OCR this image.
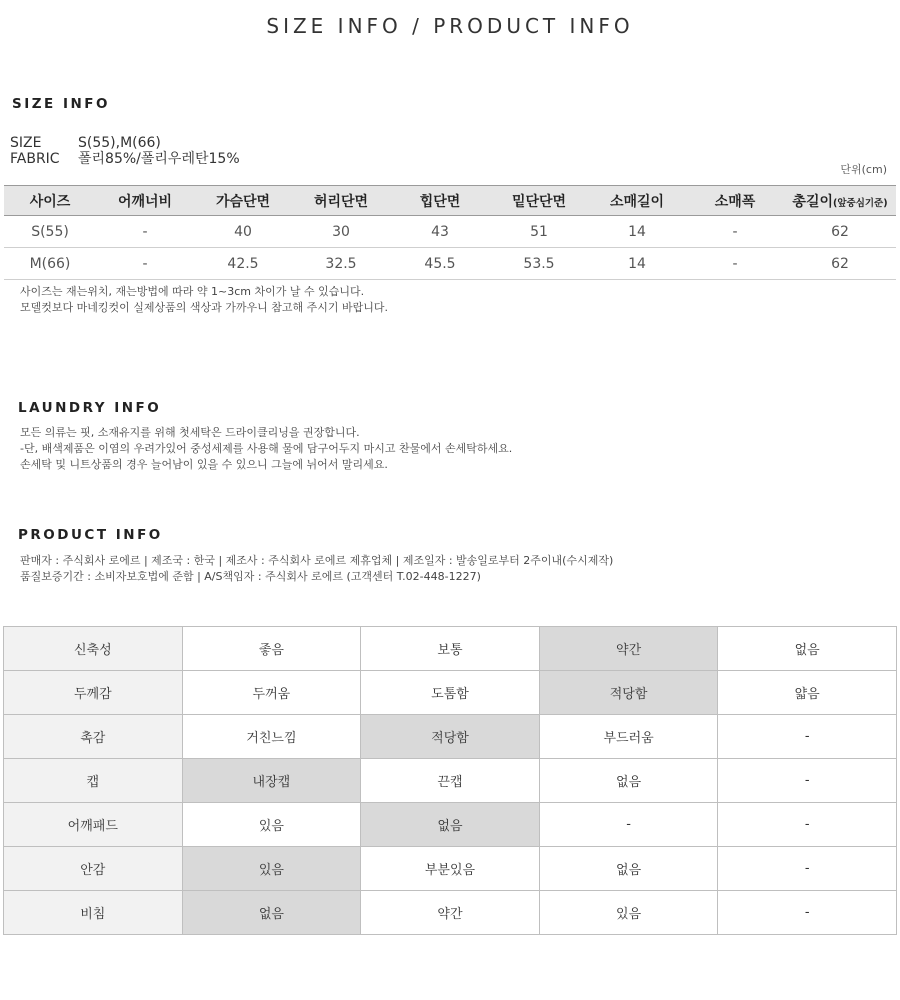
SIZE INFO / PRODUCT INFO
SIZE INFO
SIZE	S(55),M(66)
FABRIC 폴리85%/폴리우레탄15%
단위(cm)
사이즈	어깨너비	가슴단면	허리단면	힙단면	밑단단면	소매길이	소매폭	총길이(앞중심기준)
S(55)	-	40	30	43	51	14	-	62
M(66)	-	42.5	32.5	45.5	53.5	14	-	62
사이즈는 재는위치, 재는방법에 따라 약 1~3cm 차이가 날 수 있습니다.
모델컷보다 마네킹컷이 실제상품의 색상과 가까우니 참고해 주시기 바랍니다.
LAUNDRY INFO
모든 의류는 핏, 소재유지를 위해 첫세탁은 드라이클리닝을 권장합니다.
-단, 배색제품은 이염의 우려가있어 중성세제를 사용해 물에 담구어두지 마시고 찬물에서 손세탁하세요.
손세탁 및 니트상품의 경우 늘어남이 있을 수 있으니 그늘에 뉘어서 말리세요.
PRODUCT INFO
판매자 : 주식회사 로에르 | 제조국 : 한국 | 제조사 : 주식회사 로에르 제휴업체 | 제조일자 : 발송일로부터 2주이내(수시제작)
품질보증기간 : 소비자보호법에 준함 | A/S책임자 : 주식회사 로에르 (고객센터 T.02-448-1227)
신축성	좋음	보통	약간	없음
두께감	두꺼움	도톰함	적당함	얇음
촉감	거친느낌	적당함	부드러움	-
캡	내장캡	끈캡	없음	-
어깨패드	있음	없음	-	-
안감	있음	부분있음	없음	-
비침	없음	약간	있음	-
